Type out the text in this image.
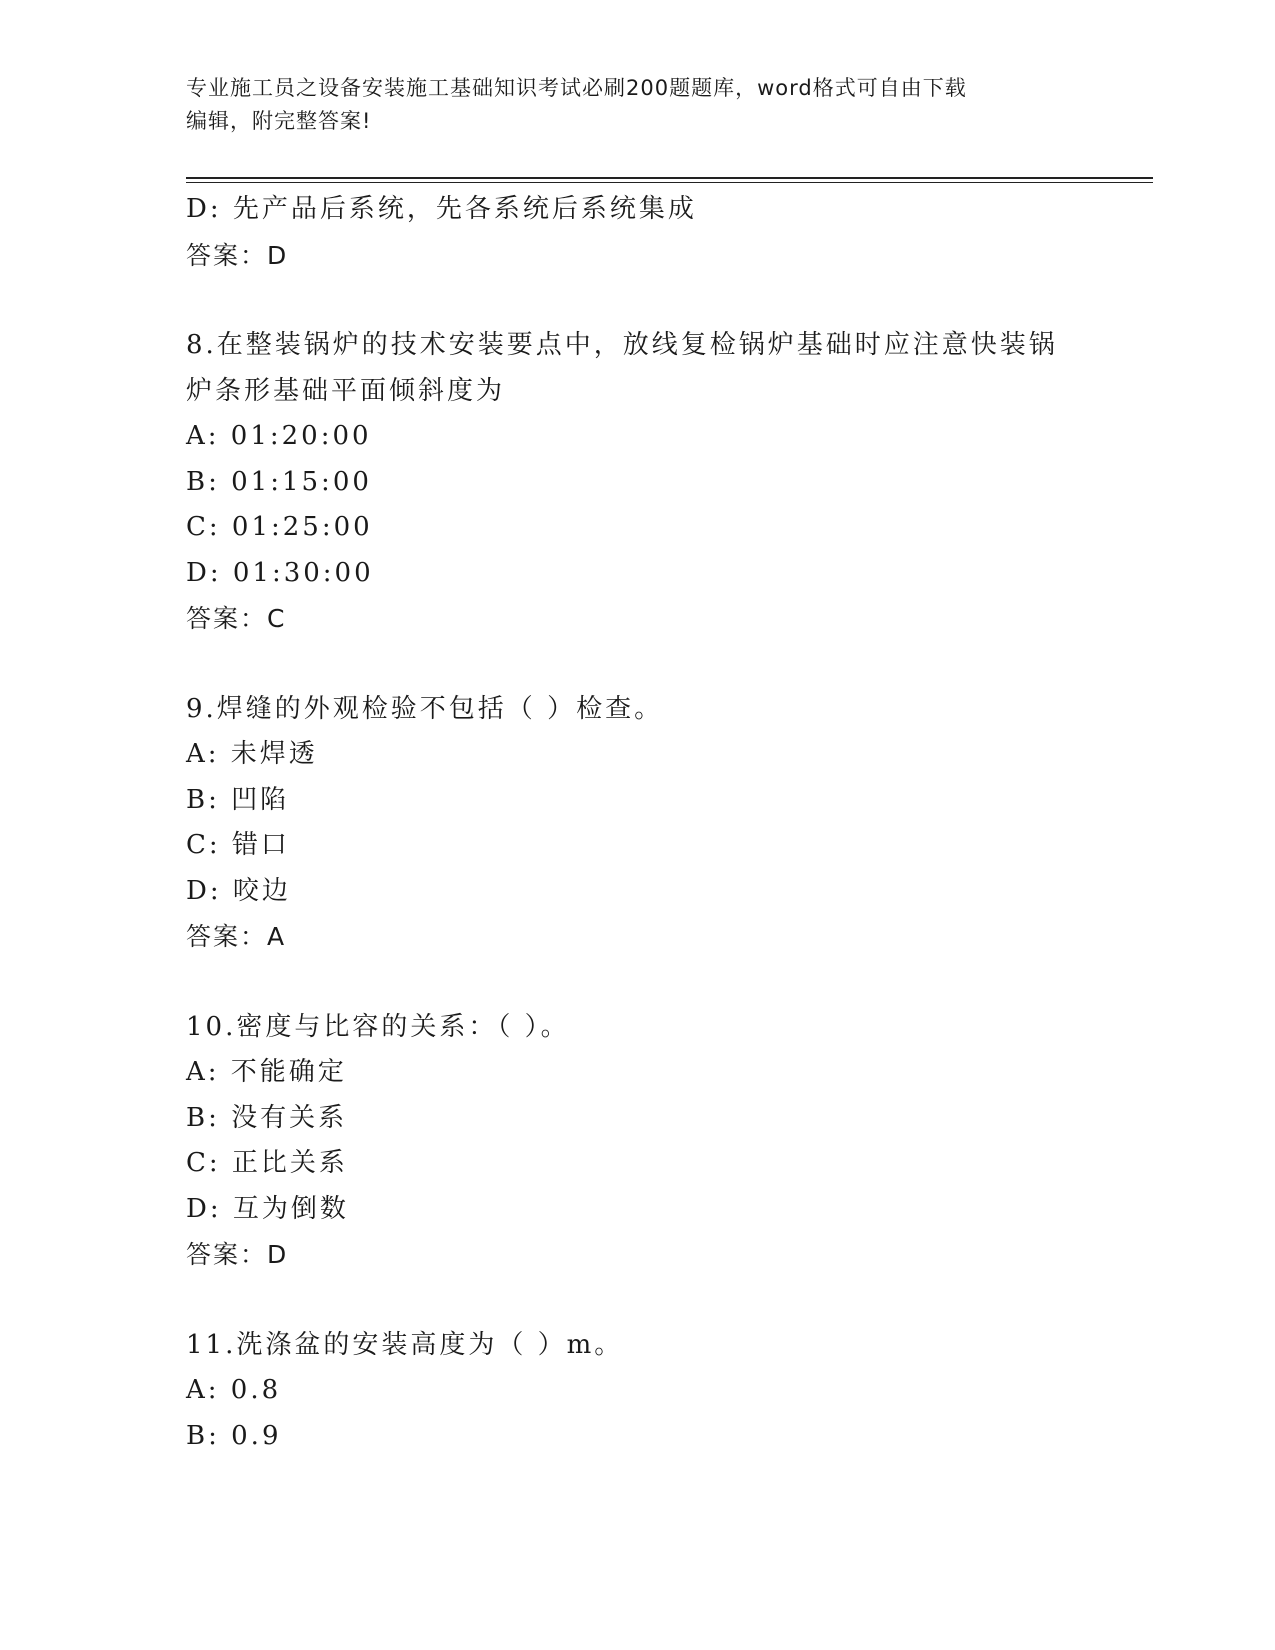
专业施工员之设备安装施工基础知识考试必刷200题题库，word格式可自由下载
编辑，附完整答案!
D: 先产品后系统，先各系统后系统集成
答案：D
8.在整装锅炉的技术安装要点中，放线复检锅炉基础时应注意快装锅
炉条形基础平面倾斜度为
A: 01:20:00
B: 01:15:00
C: 01:25:00
D: 01:30:00
答案：C
9.焊缝的外观检验不包括（ ）检查。
A: 未焊透
B: 凹陷
C: 错口
D: 咬边
答案：A
10.密度与比容的关系：（ ）。
A: 不能确定
B: 没有关系
C: 正比关系
D: 互为倒数
答案：D
11.洗涤盆的安装高度为（ ）m。
A: 0.8
B: 0.9
